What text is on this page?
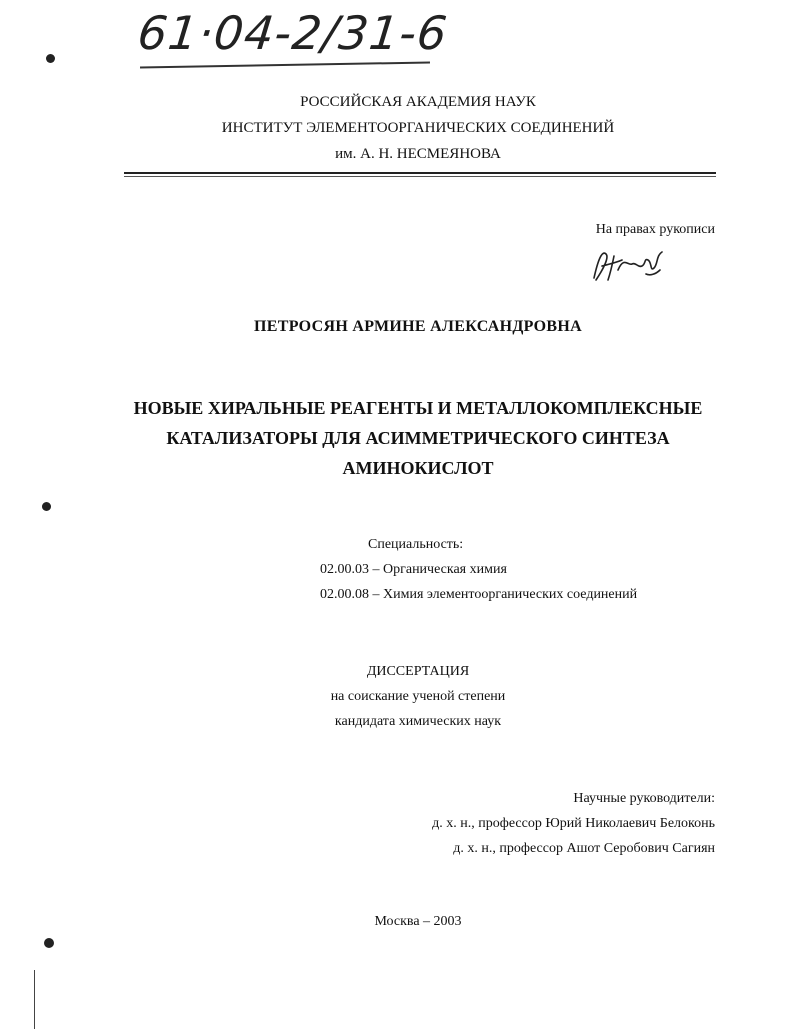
61·04-2/31-6
РОССИЙСКАЯ АКАДЕМИЯ НАУК
ИНСТИТУТ ЭЛЕМЕНТООРГАНИЧЕСКИХ СОЕДИНЕНИЙ
им. А. Н. НЕСМЕЯНОВА
На правах рукописи
ПЕТРОСЯН АРМИНЕ АЛЕКСАНДРОВНА
НОВЫЕ ХИРАЛЬНЫЕ РЕАГЕНТЫ И МЕТАЛЛОКОМПЛЕКСНЫЕ
КАТАЛИЗАТОРЫ ДЛЯ АСИММЕТРИЧЕСКОГО СИНТЕЗА
АМИНОКИСЛОТ
Специальность:
02.00.03 – Органическая химия
02.00.08 – Химия элементоорганических соединений
ДИССЕРТАЦИЯ
на соискание ученой степени
кандидата химических наук
Научные руководители:
д. х. н., профессор Юрий Николаевич Белоконь
д. х. н., профессор Ашот Серобович Сагиян
Москва – 2003
